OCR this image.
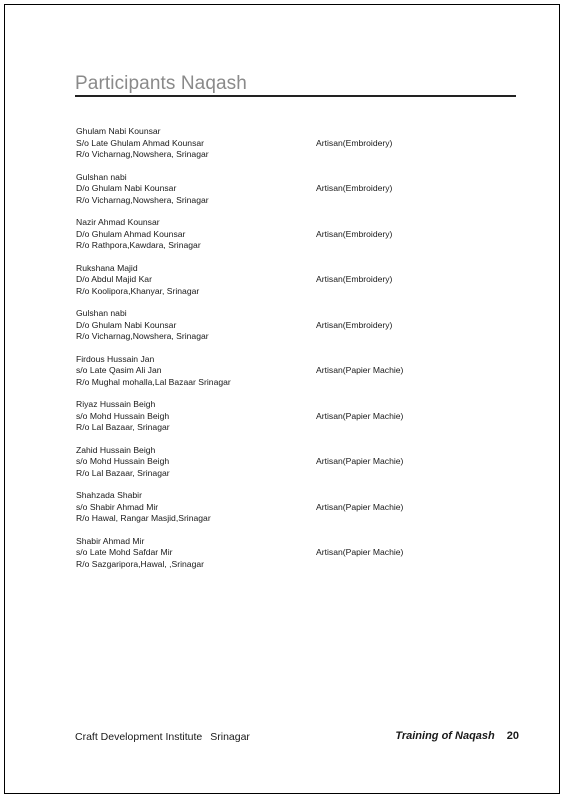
Participants Naqash
Ghulam Nabi Kounsar
S/o Late Ghulam Ahmad Kounsar
R/o Vicharnag,Nowshera, Srinagar
Artisan(Embroidery)
Gulshan nabi
D/o Ghulam Nabi Kounsar
R/o Vicharnag,Nowshera, Srinagar
Artisan(Embroidery)
Nazir Ahmad Kounsar
D/o Ghulam Ahmad Kounsar
R/o Rathpora,Kawdara, Srinagar
Artisan(Embroidery)
Rukshana Majid
D/o Abdul Majid Kar
R/o Koolipora,Khanyar, Srinagar
Artisan(Embroidery)
Gulshan nabi
D/o Ghulam Nabi Kounsar
R/o Vicharnag,Nowshera, Srinagar
Artisan(Embroidery)
Firdous Hussain Jan
s/o Late Qasim Ali Jan
R/o Mughal mohalla,Lal Bazaar Srinagar
Artisan(Papier Machie)
Riyaz Hussain Beigh
s/o Mohd Hussain Beigh
R/o Lal Bazaar, Srinagar
Artisan(Papier Machie)
Zahid Hussain Beigh
s/o Mohd Hussain Beigh
R/o Lal Bazaar, Srinagar
Artisan(Papier Machie)
Shahzada Shabir
s/o Shabir Ahmad Mir
R/o Hawal, Rangar Masjid,Srinagar
Artisan(Papier Machie)
Shabir Ahmad Mir
s/o Late Mohd Safdar Mir
R/o Sazgaripora,Hawal, ,Srinagar
Artisan(Papier Machie)
Craft Development Institute Srinagar	Training of Naqash 20
